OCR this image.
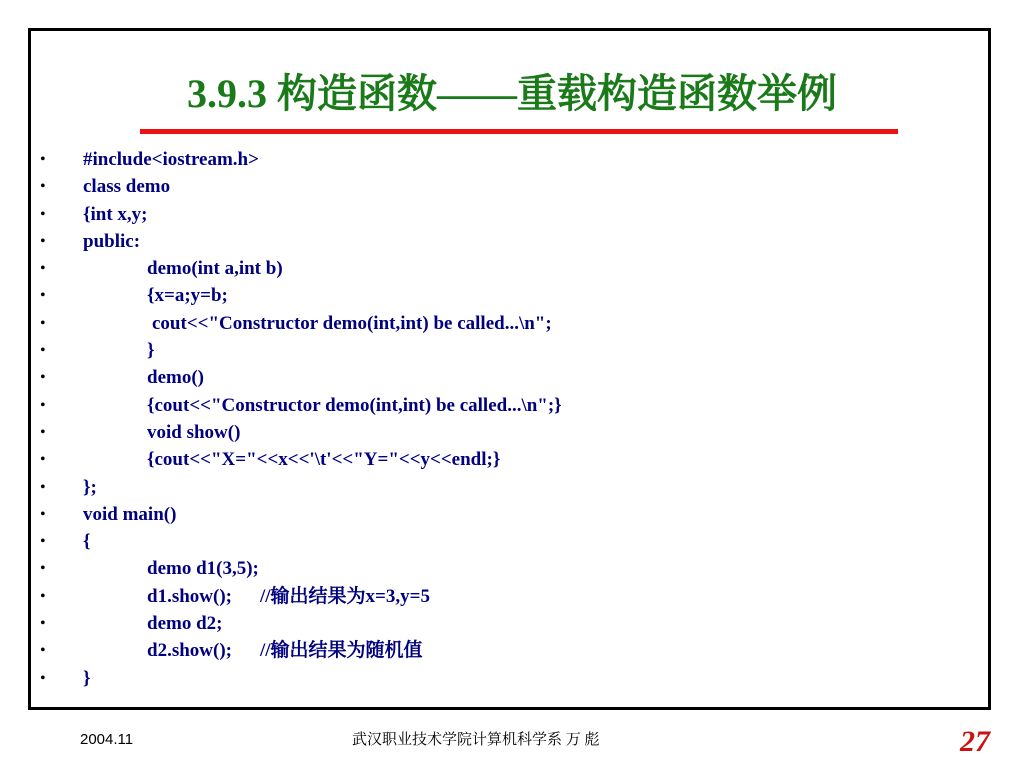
3.9.3 构造函数——重载构造函数举例
•	#include<iostream.h>
•	class demo
•	{int x,y;
•	public:
•	demo(int a,int b)
•	{x=a;y=b;
•	cout<<"Constructor demo(int,int) be called...\n";
•	}
•	demo()
•	{cout<<"Constructor demo(int,int) be called...\n";}
•	void show()
•	{cout<<"X="<<x<<'\t'<<"Y="<<y<<endl;}
•	};
•	void main()
•	{
•	demo d1(3,5);
•	d1.show(); //输出结果为x=3,y=5
•	demo d2;
•	d2.show(); //输出结果为随机值
•	}
2004.11	武汉职业技术学院计算机科学系 万 彪	27
